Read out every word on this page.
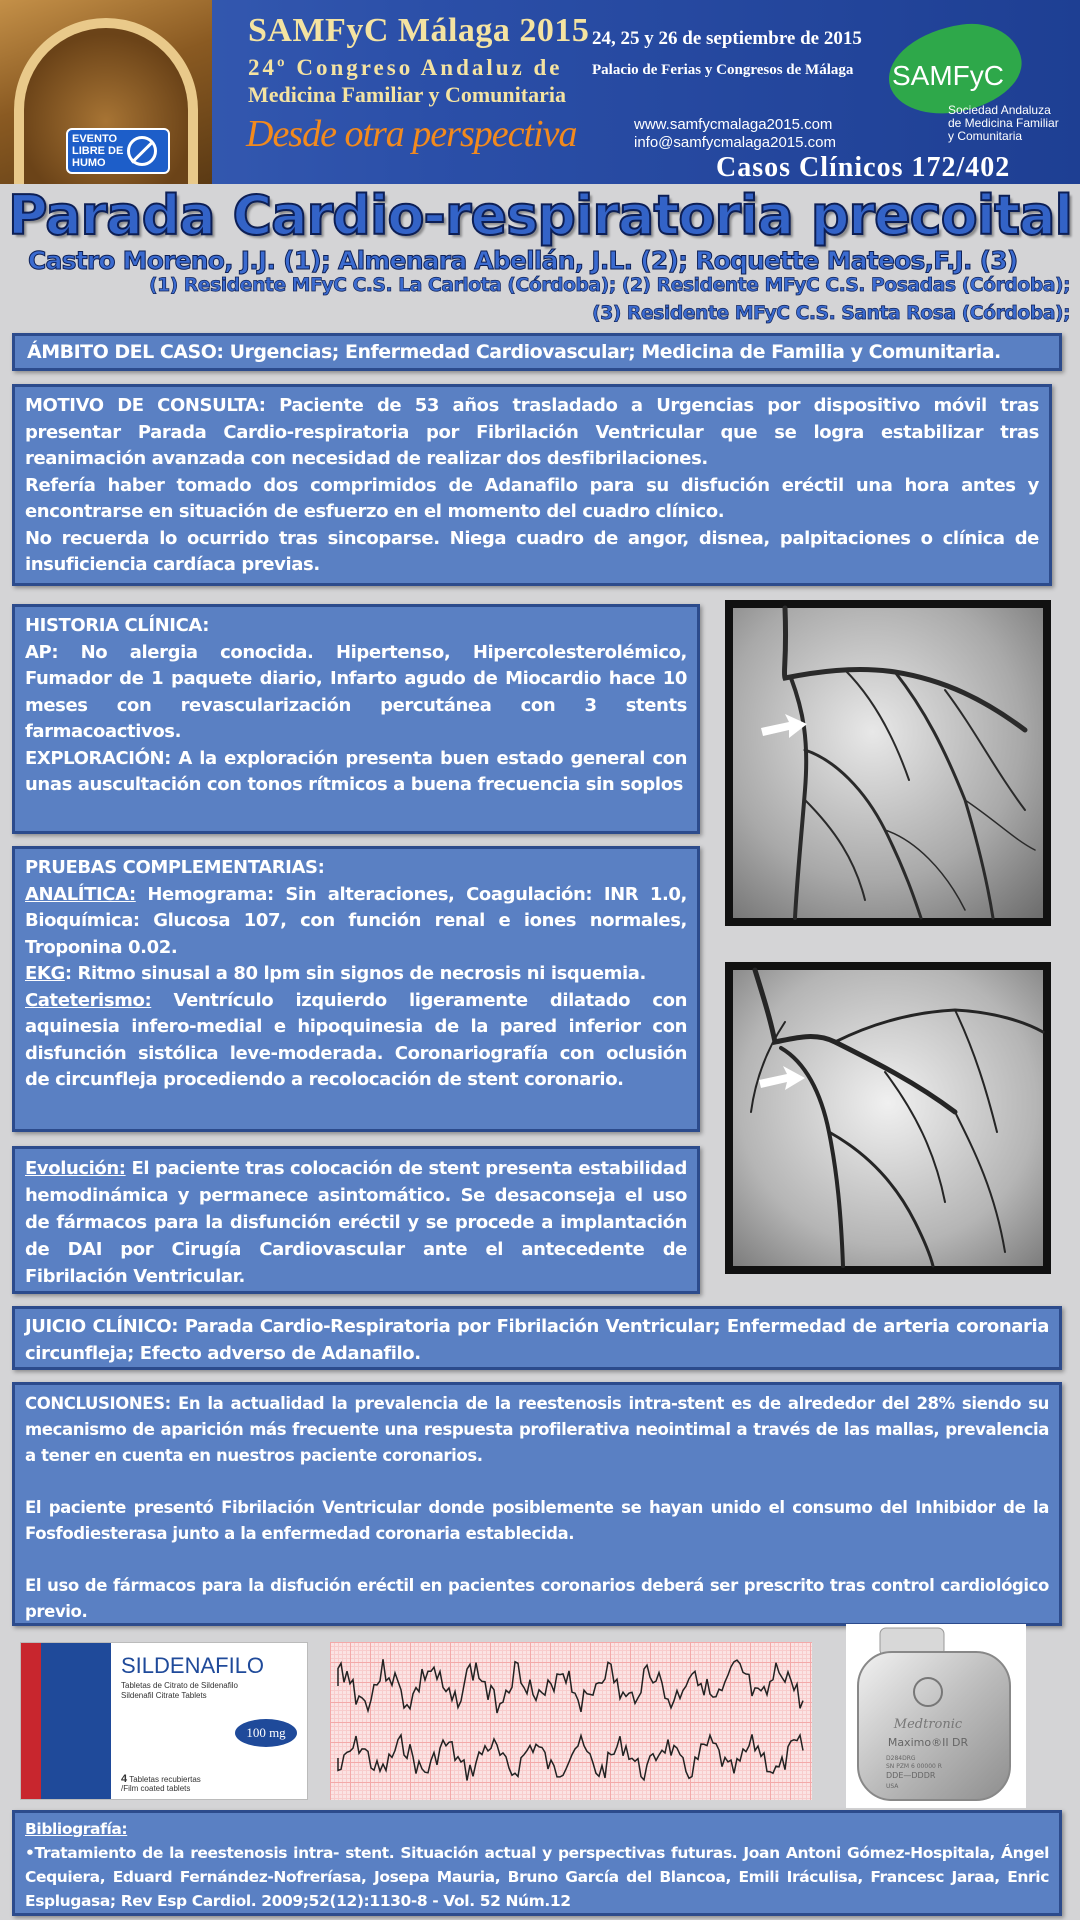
EVENTO
LIBRE DE
HUMO
SAMFyC Málaga 2015
24º Congreso Andaluz de
Medicina Familiar y Comunitaria
Desde otra perspectiva
24, 25 y 26 de septiembre de 2015
Palacio de Ferias y Congresos de Málaga
www.samfycmalaga2015.com
info@samfycmalaga2015.com
Casos Clínicos 172/402
SAMFyC
Sociedad Andaluza
de Medicina Familiar
y Comunitaria
Parada Cardio-respiratoria precoital
Castro Moreno, J.J. (1); Almenara Abellán, J.L. (2); Roquette Mateos,F.J. (3)
(1) Residente MFyC C.S. La Carlota (Córdoba); (2) Residente MFyC C.S. Posadas (Córdoba);
(3) Residente MFyC C.S. Santa Rosa (Córdoba);
ÁMBITO DEL CASO: Urgencias; Enfermedad Cardiovascular; Medicina de Familia y Comunitaria.

MOTIVO DE CONSULTA: Paciente de 53 años trasladado a Urgencias por dispositivo móvil tras presentar Parada Cardio-respiratoria por Fibrilación Ventricular que se logra estabilizar tras reanimación avanzada con necesidad de realizar dos desfibrilaciones.

Refería haber tomado dos comprimidos de Adanafilo para su disfución eréctil una hora antes y encontrarse en situación de esfuerzo en el momento del cuadro clínico.

No recuerda lo ocurrido tras sincoparse. Niega cuadro de angor, disnea, palpitaciones o clínica de insuficiencia cardíaca previas.

HISTORIA CLÍNICA:

AP: No alergia conocida. Hipertenso, Hipercolesterolémico, Fumador de 1 paquete diario, Infarto agudo de Miocardio hace 10 meses con revascularización percutánea con 3 stents farmacoactivos.

EXPLORACIÓN: A la exploración presenta buen estado general con unas auscultación con tonos rítmicos a buena frecuencia sin soplos

PRUEBAS COMPLEMENTARIAS:

ANALÍTICA: Hemograma: Sin alteraciones, Coagulación: INR 1.0, Bioquímica: Glucosa 107, con función renal e iones normales, Troponina 0.02.

EKG: Ritmo sinusal a 80 lpm sin signos de necrosis ni isquemia.

Cateterismo: Ventrículo izquierdo ligeramente dilatado con aquinesia infero-medial e hipoquinesia de la pared inferior con disfunción sistólica leve-moderada. Coronariografía con oclusión de circunfleja procediendo a recolocación de stent coronario.

Evolución: El paciente tras colocación de stent presenta estabilidad hemodinámica y permanece asintomático. Se desaconseja el uso de fármacos para la disfunción eréctil y se procede a implantación de DAI por Cirugía Cardiovascular ante el antecedente de Fibrilación Ventricular.
JUICIO CLÍNICO: Parada Cardio-Respiratoria por Fibrilación Ventricular; Enfermedad de arteria coronaria circunfleja; Efecto adverso de Adanafilo.

CONCLUSIONES: En la actualidad la prevalencia de la reestenosis intra-stent es de alrededor del 28% siendo su mecanismo de aparición más frecuente una respuesta profilerativa neointimal a través de las mallas, prevalencia a tener en cuenta en nuestros paciente coronarios.

El paciente presentó Fibrilación Ventricular donde posiblemente se hayan unido el consumo del Inhibidor de la Fosfodiesterasa junto a la enfermedad coronaria establecida.

El uso de fármacos para la disfución eréctil en pacientes coronarios deberá ser prescrito tras control cardiológico previo.

SILDENAFILO
Tabletas de Citrato de Sildenafilo
Sildenafil Citrate Tablets
100 mg
4 Tabletas recubiertas
/Film coated tablets
Medtronic
Maximo®II DR
D284DRG
SN PZM 6 00000 R
DDE—DDDR
USA

Bibliografía:

•Tratamiento de la reestenosis intra- stent. Situación actual y perspectivas futuras. Joan Antoni Gómez-Hospitala, Ángel Cequiera, Eduard Fernández-Nofreríasa, Josepa Mauria, Bruno García del Blancoa, Emili Iráculisa, Francesc Jaraa, Enric Esplugasa; Rev Esp Cardiol. 2009;52(12):1130-8 - Vol. 52 Núm.12
